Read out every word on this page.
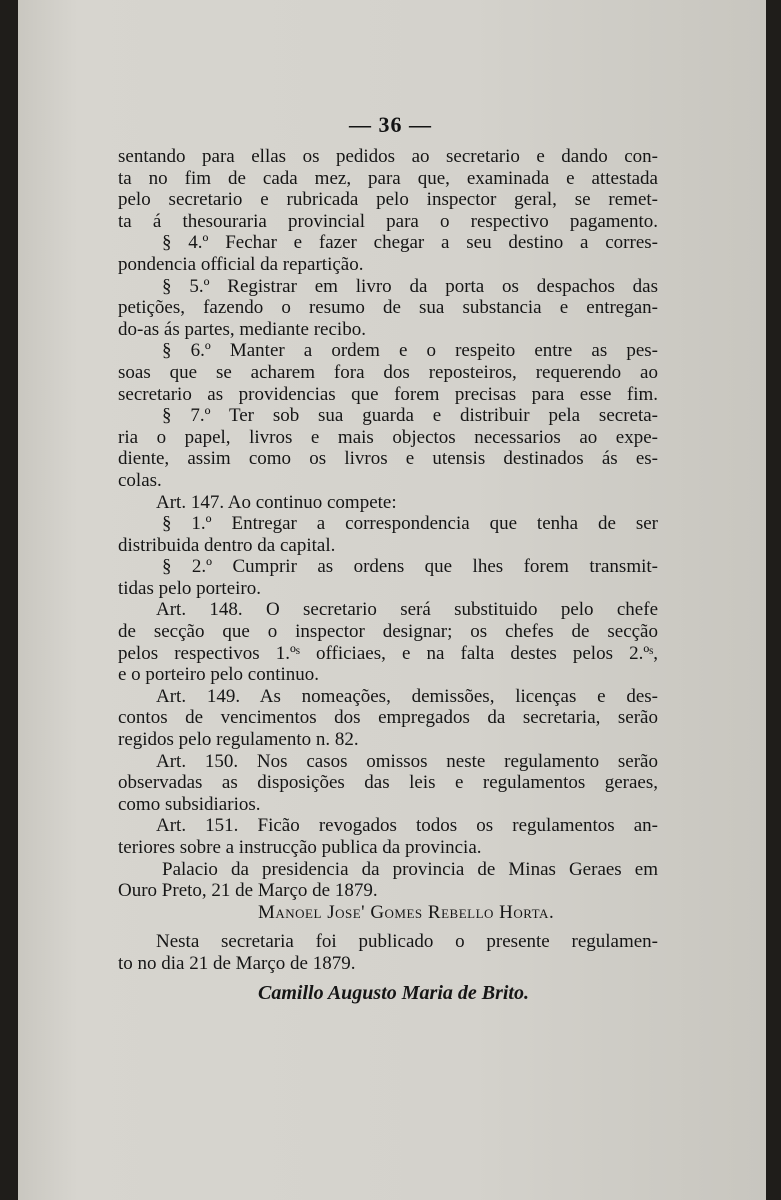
— 36 —
sentando para ellas os pedidos ao secretario e dando con-
ta no fim de cada mez, para que, examinada e attestada
pelo secretario e rubricada pelo inspector geral, se remet-
ta á thesouraria provincial para o respectivo pagamento.
§ 4.º Fechar e fazer chegar a seu destino a corres-
pondencia official da repartição.
§ 5.º Registrar em livro da porta os despachos das
petições, fazendo o resumo de sua substancia e entregan-
do-as ás partes, mediante recibo.
§ 6.º Manter a ordem e o respeito entre as pes-
soas que se acharem fora dos reposteiros, requerendo ao
secretario as providencias que forem precisas para esse fim.
§ 7.º Ter sob sua guarda e distribuir pela secreta-
ria o papel, livros e mais objectos necessarios ao expe-
diente, assim como os livros e utensis destinados ás es-
colas.
Art. 147. Ao continuo compete:
§ 1.º Entregar a correspondencia que tenha de ser
distribuida dentro da capital.
§ 2.º Cumprir as ordens que lhes forem transmit-
tidas pelo porteiro.
Art. 148. O secretario será substituido pelo chefe
de secção que o inspector designar; os chefes de secção
pelos respectivos 1.ºˢ officiaes, e na falta destes pelos 2.ºˢ,
e o porteiro pelo continuo.
Art. 149. As nomeações, demissões, licenças e des-
contos de vencimentos dos empregados da secretaria, serão
regidos pelo regulamento n. 82.
Art. 150. Nos casos omissos neste regulamento serão
observadas as disposições das leis e regulamentos geraes,
como subsidiarios.
Art. 151. Ficão revogados todos os regulamentos an-
teriores sobre a instrucção publica da provincia.
Palacio da presidencia da provincia de Minas Geraes em
Ouro Preto, 21 de Março de 1879.
Manoel Jose' Gomes Rebello Horta.
Nesta secretaria foi publicado o presente regulamen-
to no dia 21 de Março de 1879.
Camillo Augusto Maria de Brito.
